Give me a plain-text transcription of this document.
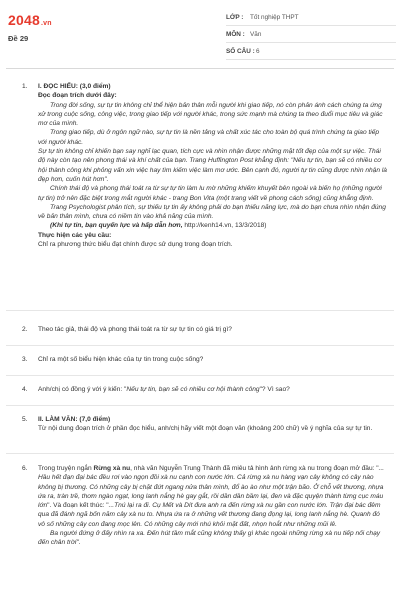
2048.vn
Đề 29
LỚP : Tốt nghiệp THPT
MÔN : Văn
SỐ CÂU : 6
1. I. ĐỌC HIỂU: (3,0 điểm)

Đọc đoạn trích dưới đây:

Trong đời sống, sự tự tin không chỉ thể hiện bản thân mỗi người khi giao tiếp, nó còn phản ánh cách chúng ta ứng xử trong cuộc sống, công việc, trong giao tiếp với người khác, trong sức mạnh mà chúng ta theo đuổi mục tiêu và giác mơ của mình.

Trong giao tiếp, dù ở ngôn ngữ nào, sự tự tin là nền tảng và chất xúc tác cho toàn bộ quá trình chúng ta giao tiếp với người khác.

Sự tự tin không chỉ khiến bạn say nghĩ lạc quan, tích cực và nhìn nhận được những mặt tốt đẹp của một sự việc. Thái độ này còn tạo nên phong thái và khí chất của bạn. Trang Huffington Post khẳng định: "Nếu tự tin, bạn sẽ có nhiều cơ hội thành công khi phỏng vấn xin việc hay tìm kiếm việc làm mơ ước. Bên cạnh đó, người tự tin cũng được nhìn nhận là đẹp hơn, cuốn hút hơn".

Chính thái độ và phong thái toát ra từ sự tự tin làm lu mờ những khiếm khuyết bên ngoài và biến họ (những người tự tin) trở nên đặc biệt trong mắt người khác - trang Bon Vita (một trang viết về phong cách sống) cũng khẳng định.

Trang Psychologist phân tích, sự thiếu tự tin ấy không phải do bạn thiếu năng lực, mà do bạn chưa nhìn nhận đúng về bản thân mình, chưa có niềm tin vào khả năng của mình.

(Khi tự tin, bạn quyến lực và hấp dẫn hơn, http://kenh14.vn, 13/3/2018)

Thực hiện các yêu cầu:

Chỉ ra phương thức biểu đạt chính được sử dụng trong đoạn trích.

2. Theo tác giả, thái độ và phong thái toát ra từ sự tự tin có giá trị gì?
3. Chỉ ra một số biểu hiện khác của tự tin trong cuộc sống?
4. Anh/chị có đồng ý với ý kiến: "Nếu tự tin, bạn sẽ có nhiều cơ hội thành công"? Vì sao?
5. II. LÀM VĂN: (7,0 điểm)

Từ nội dung đoạn trích ở phần đọc hiểu, anh/chị hãy viết một đoạn văn (khoảng 200 chữ) về ý nghĩa của sự tự tin.

6. Trong truyện ngắn Rừng xà nu, nhà văn Nguyễn Trung Thành đã miêu tả hình ảnh rừng xà nu trong đoạn mở đầu: "... Hầu hết đạn đại bác đều rơi vào ngọn đồi xà nu cạnh con nước lớn. Cả rừng xà nu hàng vạn cây không có cây nào không bị thương. Có những cây bị chặt đứt ngang nửa thân mình, đổ ào ào như một trận bão. Ở chỗ vết thương, nhựa ứa ra, tràn trề, thơm ngào ngạt, long lanh nắng hè gay gắt, rồi dần dần bầm lại, đen và đặc quyện thành từng cục máu lớn". Và đoạn kết thúc: "...Tnú lại ra đi. Cụ Mết và Dít đưa anh ra đến rừng xà nu gần con nước lớn. Trận đại bác đêm qua đã đánh ngã bốn năm cây xà nu to. Nhựa ứa ra ở những vết thương đang đọng lại, long lanh nắng hè. Quanh đó vô số những cây con đang mọc lên. Có những cây mới nhú khỏi mặt đất, nhọn hoắt như những mũi lê.

Ba người đứng ở đấy nhìn ra xa. Đến hút tầm mắt cũng không thấy gì khác ngoài những rừng xà nu tiếp nối chạy đến chân trời".
